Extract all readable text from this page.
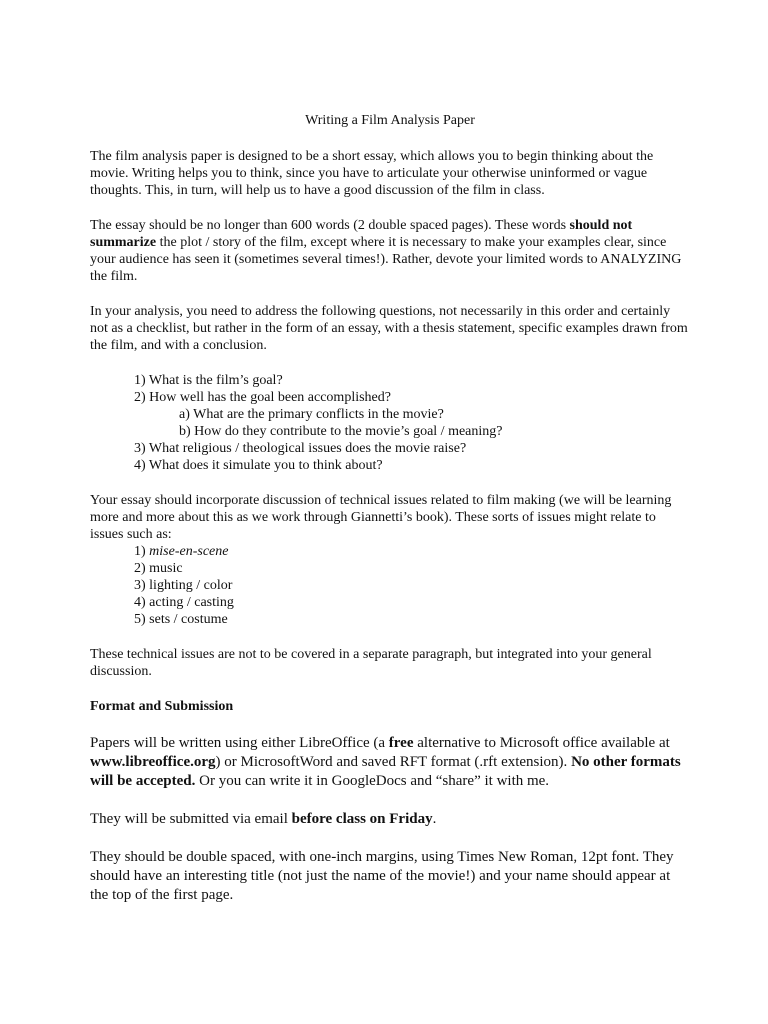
Writing a Film Analysis Paper

The film analysis paper is designed to be a short essay, which allows you to begin thinking about the movie. Writing helps you to think, since you have to articulate your otherwise uninformed or vague thoughts. This, in turn, will help us to have a good discussion of the film in class.

The essay should be no longer than 600 words (2 double spaced pages). These words should not summarize the plot / story of the film, except where it is necessary to make your examples clear, since your audience has seen it (sometimes several times!). Rather, devote your limited words to ANALYZING the film.

In your analysis, you need to address the following questions, not necessarily in this order and certainly not as a checklist, but rather in the form of an essay, with a thesis statement, specific examples drawn from the film, and with a conclusion.

1) What is the film’s goal?
2) How well has the goal been accomplished?
a) What are the primary conflicts in the movie?
b) How do they contribute to the movie’s goal / meaning?
3) What religious / theological issues does the movie raise?
4) What does it simulate you to think about?

Your essay should incorporate discussion of technical issues related to film making (we will be learning more and more about this as we work through Giannetti’s book). These sorts of issues might relate to issues such as:

1) mise-en-scene
2) music
3) lighting / color
4) acting / casting
5) sets / costume

These technical issues are not to be covered in a separate paragraph, but integrated into your general discussion.

Format and Submission

Papers will be written using either LibreOffice (a free alternative to Microsoft office available at www.libreoffice.org) or MicrosoftWord and saved RFT format (.rft extension). No other formats will be accepted. Or you can write it in GoogleDocs and “share” it with me.

They will be submitted via email before class on Friday.

They should be double spaced, with one-inch margins, using Times New Roman, 12pt font. They should have an interesting title (not just the name of the movie!) and your name should appear at the top of the first page.
